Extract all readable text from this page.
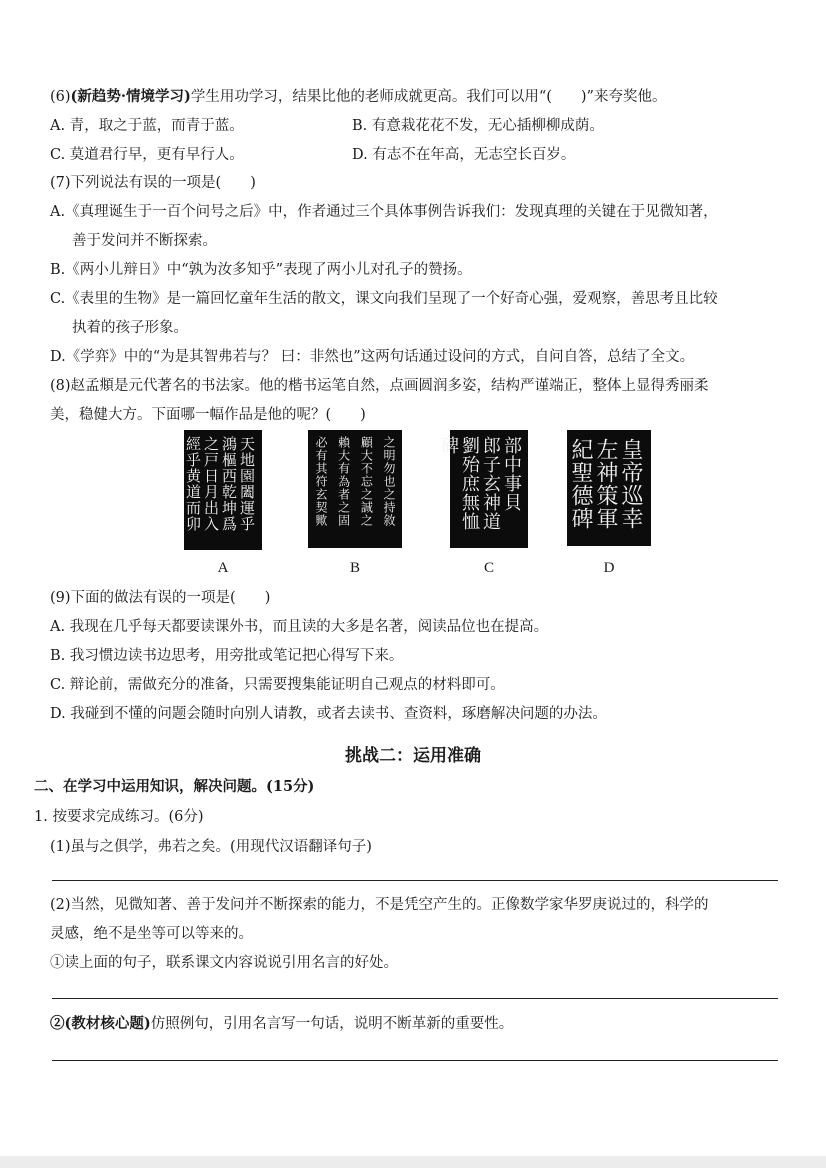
(6)(新趋势·情境学习)学生用功学习，结果比他的老师成就更高。我们可以用“(　　)”来夸奖他。
A. 青，取之于蓝，而青于蓝。	B. 有意栽花花不发，无心插柳柳成荫。
C. 莫道君行早，更有早行人。	D. 有志不在年高，无志空长百岁。
(7)下列说法有误的一项是(　　)
A.《真理诞生于一百个问号之后》中，作者通过三个具体事例告诉我们：发现真理的关键在于见微知著，
善于发问并不断探索。
B.《两小儿辩日》中“孰为汝多知乎”表现了两小儿对孔子的赞扬。
C.《表里的生物》是一篇回忆童年生活的散文，课文向我们呈现了一个好奇心强，爱观察，善思考且比较
执着的孩子形象。
D.《学弈》中的“为是其智弗若与？ 曰：非然也”这两句话通过设问的方式，自问自答，总结了全文。
(8)赵孟頫是元代著名的书法家。他的楷书运笔自然，点画圆润多姿，结构严谨端正，整体上显得秀丽柔
美，稳健大方。下面哪一幅作品是他的呢？(　　)
天地園闔運乎
鴻樞西乾坤爲
之戸日月出入
經乎黄道而卯
A
之明勿也之持敘
顧大不忘之誠之
賴大有為者之固
必有其符玄契歟
B
部中事貝
郎子玄神道
劉殆庶無恤
碑
C
皇帝巡幸
左神策軍
紀聖德碑
D
(9)下面的做法有误的一项是(　　)
A. 我现在几乎每天都要读课外书，而且读的大多是名著，阅读品位也在提高。
B. 我习惯边读书边思考，用旁批或笔记把心得写下来。
C. 辩论前，需做充分的准备，只需要搜集能证明自己观点的材料即可。
D. 我碰到不懂的问题会随时向别人请教，或者去读书、查资料，琢磨解决问题的办法。
挑战二：运用准确
二、在学习中运用知识，解决问题。(15分)
1. 按要求完成练习。(6分)
(1)虽与之俱学，弗若之矣。(用现代汉语翻译句子)
(2)当然，见微知著、善于发问并不断探索的能力，不是凭空产生的。正像数学家华罗庚说过的，科学的
灵感，绝不是坐等可以等来的。
①读上面的句子，联系课文内容说说引用名言的好处。
②(教材核心题)仿照例句，引用名言写一句话，说明不断革新的重要性。
